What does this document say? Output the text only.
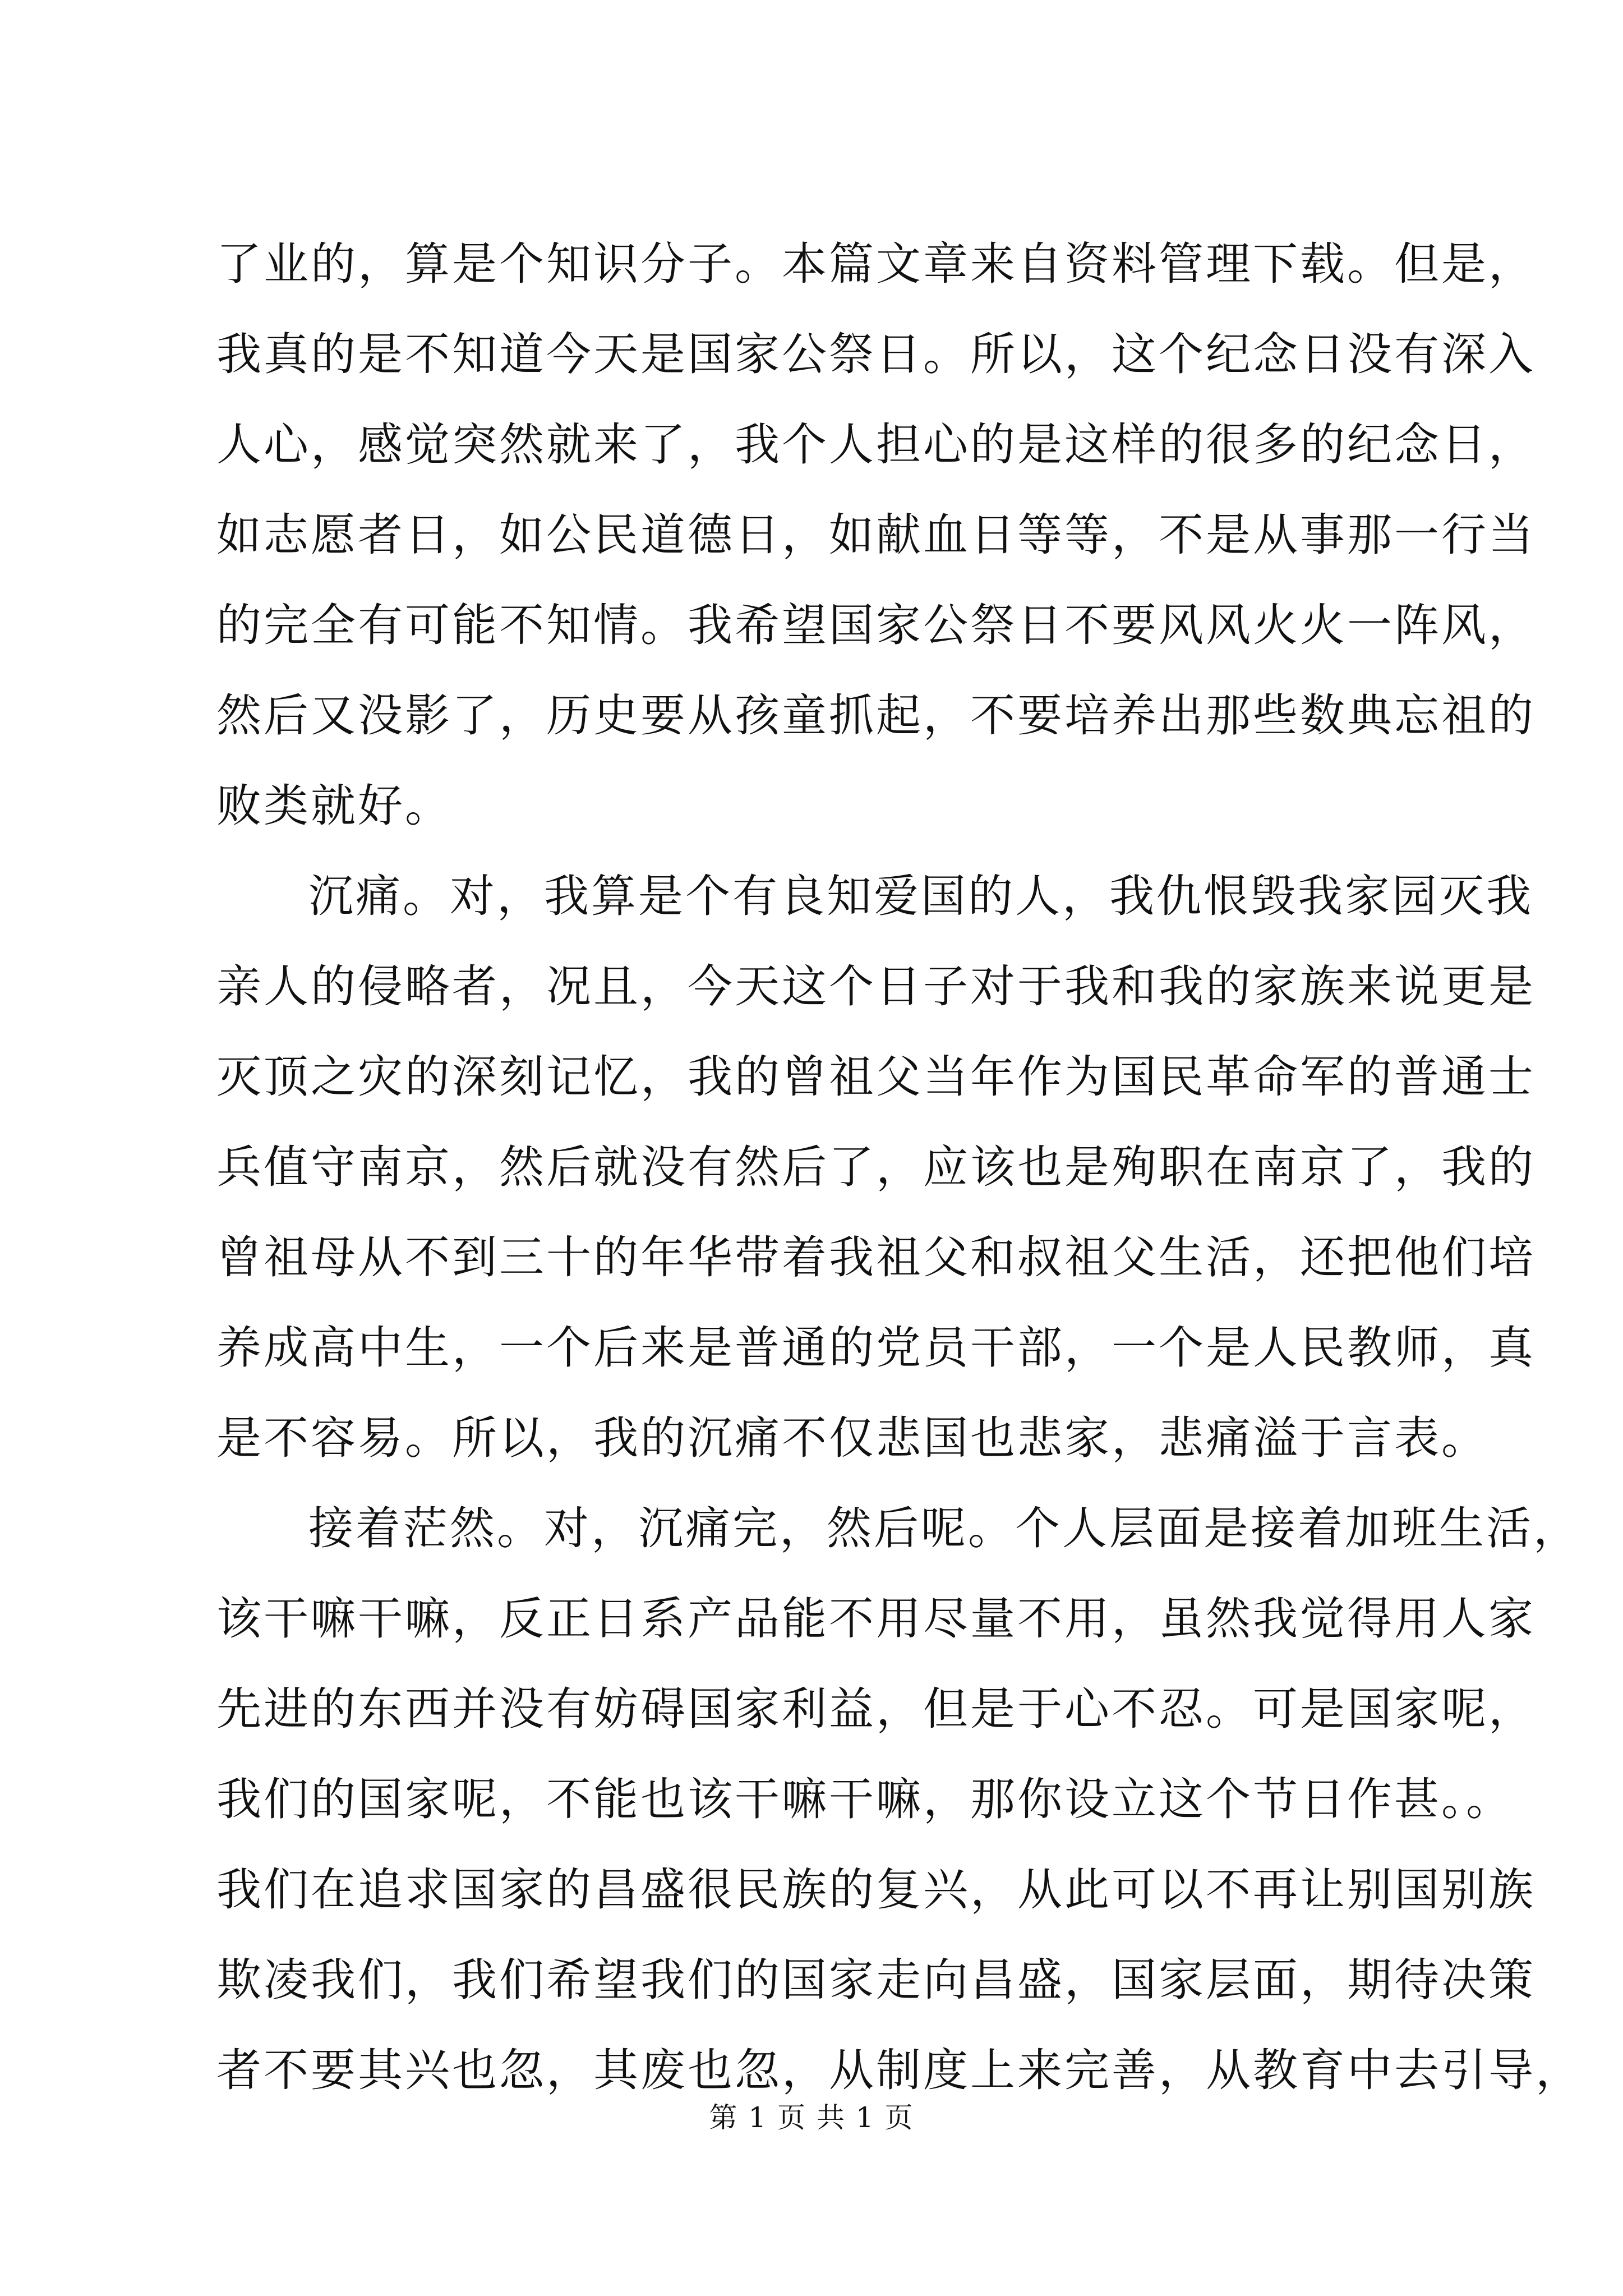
了业的，算是个知识分子。本篇文章来自资料管理下载。但是，
我真的是不知道今天是国家公祭日。所以，这个纪念日没有深入
人心，感觉突然就来了，我个人担心的是这样的很多的纪念日，
如志愿者日，如公民道德日，如献血日等等，不是从事那一行当
的完全有可能不知情。我希望国家公祭日不要风风火火一阵风，
然后又没影了，历史要从孩童抓起，不要培养出那些数典忘祖的
败类就好。
沉痛。对，我算是个有良知爱国的人，我仇恨毁我家园灭我
亲人的侵略者，况且，今天这个日子对于我和我的家族来说更是
灭顶之灾的深刻记忆，我的曾祖父当年作为国民革命军的普通士
兵值守南京，然后就没有然后了，应该也是殉职在南京了，我的
曾祖母从不到三十的年华带着我祖父和叔祖父生活，还把他们培
养成高中生，一个后来是普通的党员干部，一个是人民教师，真
是不容易。所以，我的沉痛不仅悲国也悲家，悲痛溢于言表。
接着茫然。对，沉痛完，然后呢。个人层面是接着加班生活，
该干嘛干嘛，反正日系产品能不用尽量不用，虽然我觉得用人家
先进的东西并没有妨碍国家利益，但是于心不忍。可是国家呢，
我们的国家呢，不能也该干嘛干嘛，那你设立这个节日作甚。。
我们在追求国家的昌盛很民族的复兴，从此可以不再让别国别族
欺凌我们，我们希望我们的国家走向昌盛，国家层面，期待决策
者不要其兴也忽，其废也忽，从制度上来完善，从教育中去引导，
第 1 页 共 1 页
